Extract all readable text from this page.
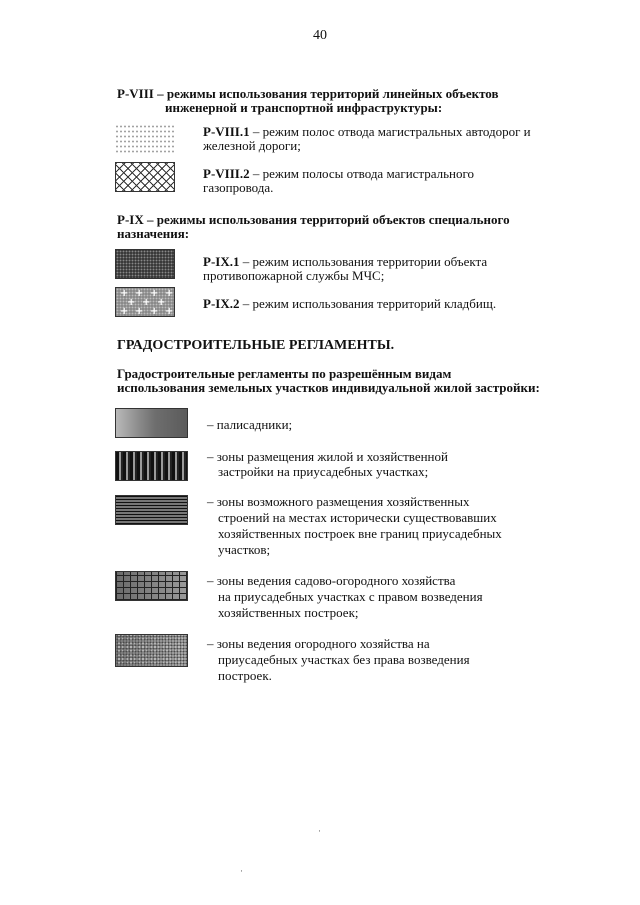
40
Р-VIII – режимы использования территорий линейных объектов
инженерной и транспортной инфраструктуры:
Р-VIII.1 – режим полос отвода магистральных автодорог и
железной дороги;
Р-VIII.2 – режим полосы отвода магистрального
газопровода.
Р-IX – режимы использования территорий объектов специального
назначения:
Р-IX.1 – режим использования территории объекта
противопожарной службы МЧС;
+ + + +
+ + +
+ + + +
Р-IX.2 – режим использования территорий кладбищ.
ГРАДОСТРОИТЕЛЬНЫЕ РЕГЛАМЕНТЫ.
Градостроительные регламенты по разрешённым видам
использования земельных участков индивидуальной жилой застройки:
– палисадники;
– зоны размещения жилой и хозяйственной
застройки на приусадебных участках;
– зоны возможного размещения хозяйственных
строений на местах исторически существовавших
хозяйственных построек вне границ приусадебных
участков;
– зоны ведения садово-огородного хозяйства
на приусадебных участках с правом возведения
хозяйственных построек;
– зоны ведения огородного хозяйства на
приусадебных участках без права возведения
построек.
·
·
